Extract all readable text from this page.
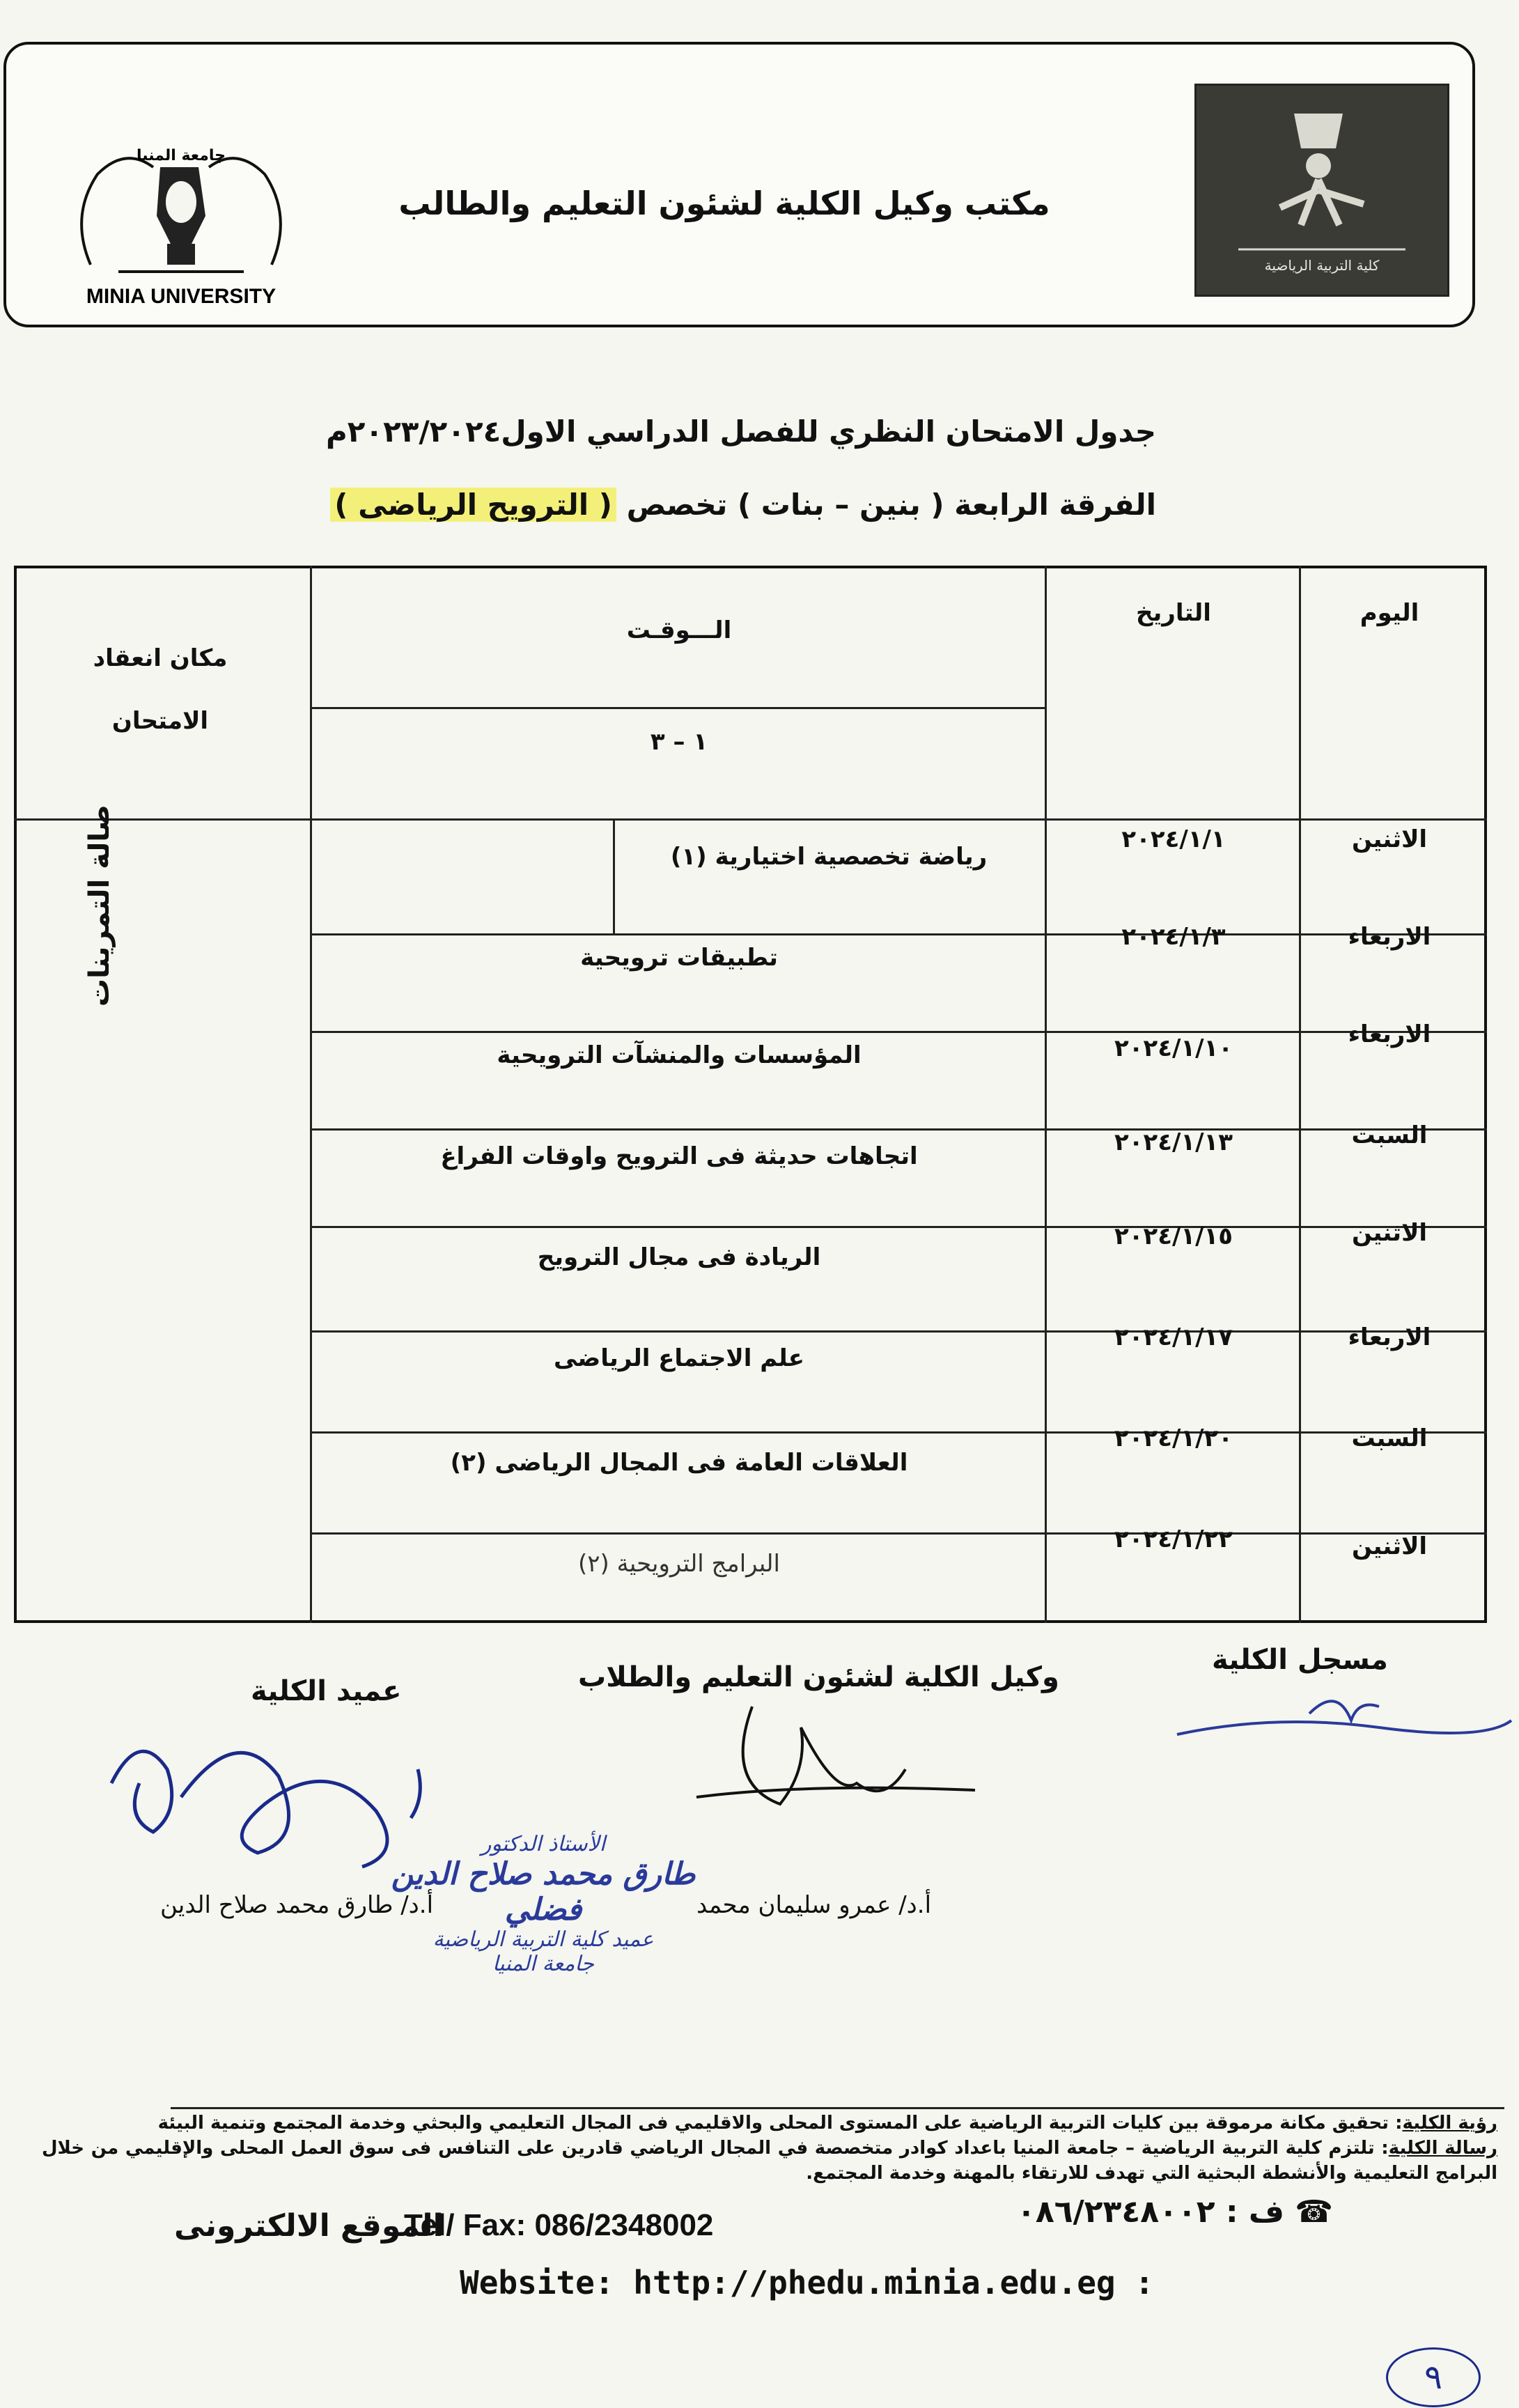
جامعة المنيا
MINIA UNIVERSITY
مكتب وكيل الكلية لشئون التعليم والطالب
كلية التربية الرياضية
جدول الامتحان النظري للفصل الدراسي الاول٢٠٢٣/٢٠٢٤م
الفرقة الرابعة ( بنين – بنات ) تخصص ( الترويح الرياضى )
اليوم
التاريخ
الـــوقـت
١ – ٣
مكان انعقاد الامتحان
صالة التمرينات	الاثنين
٢٠٢٤/١/١
رياضة تخصصية اختيارية (١)
الاربعاء
٢٠٢٤/١/٣
تطبيقات ترويحية
الاربعاء
٢٠٢٤/١/١٠
المؤسسات والمنشآت الترويحية
السبت
٢٠٢٤/١/١٣
اتجاهات حديثة فى الترويح واوقات الفراغ
الاثنين
٢٠٢٤/١/١٥
الريادة فى مجال الترويح
الاربعاء
٢٠٢٤/١/١٧
علم الاجتماع الرياضى
السبت
٢٠٢٤/١/٢٠
العلاقات العامة فى المجال الرياضى (٢)
الاثنين
٢٠٢٤/١/٢٢
البرامج الترويحية (٢)
مسجل الكلية
وكيل الكلية لشئون التعليم والطلاب
عميد الكلية
أ.د/ طارق محمد صلاح الدين	أ.د/ عمرو سليمان محمد
الأستاذ الدكتور
طارق محمد صلاح الدين فضلي
عميد كلية التربية الرياضية
جامعة المنيا
رؤية الكلية: تحقيق مكانة مرموقة بين كليات التربية الرياضية على المستوى المحلى والاقليمي فى المجال التعليمي والبحثي وخدمة المجتمع وتنمية البيئة
رسالة الكلية: تلتزم كلية التربية الرياضية – جامعة المنيا باعداد كوادر متخصصة في المجال الرياضي قادرين على التنافس فى سوق العمل المحلى والإقليمي من خلال البرامج التعليمية والأنشطة البحثية التي تهدف للارتقاء بالمهنة وخدمة المجتمع.
☎ ف : ٠٨٦/٢٣٤٨٠٠٢
Tel/ Fax: 086/2348002
الموقع الالكترونى
Website: http://phedu.minia.edu.eg :
٩
